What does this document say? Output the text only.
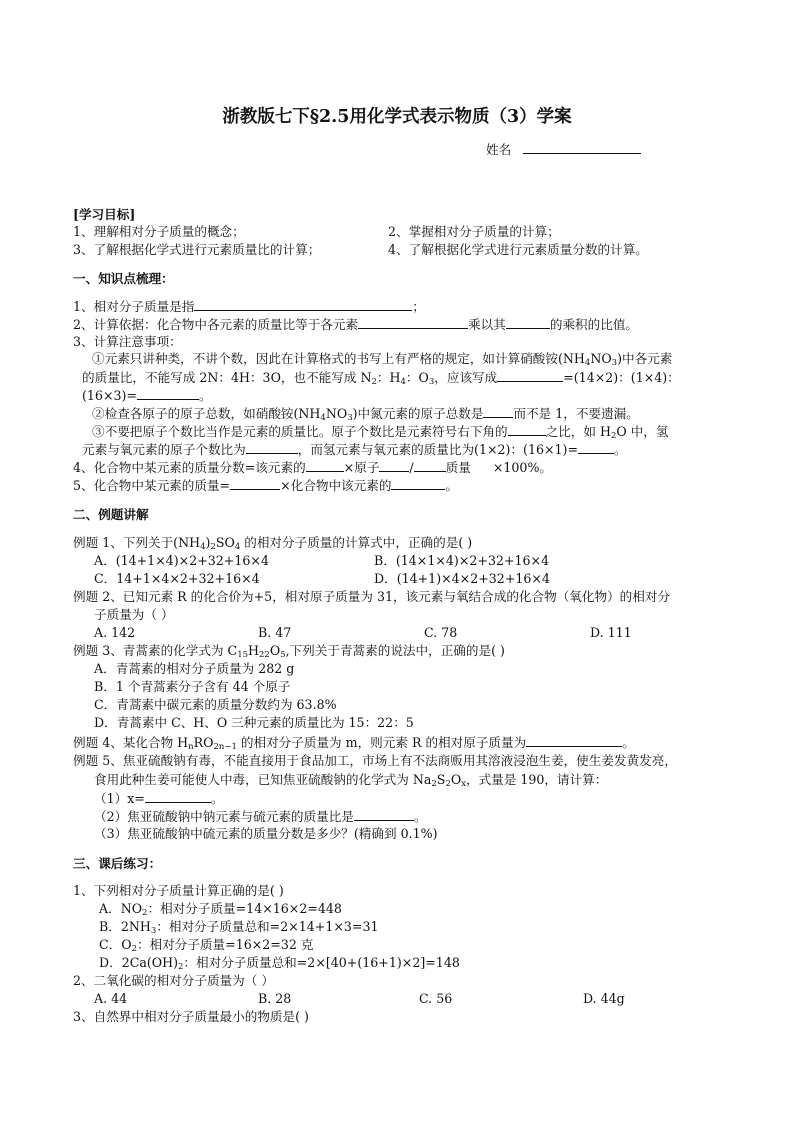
浙教版七下§2.5用化学式表示物质（3）学案
姓名
[学习目标]
1、理解相对分子质量的概念；	2、掌握相对分子质量的计算；
3、了解根据化学式进行元素质量比的计算；	4、了解根据化学式进行元素质量分数的计算。
一、知识点梳理：
1、相对分子质量是指	；
2、计算依据：化合物中各元素的质量比等于各元素	乘以其	的乘积的比值。
3、计算注意事项：
①元素只讲种类，不讲个数，因此在计算格式的书写上有严格的规定，如计算硝酸铵$(NH_4NO_3)$中各元素
的质量比，不能写成 2N：4H：3O，也不能写成 $N_2$：$H_4$：$O_3$，应该写成	=(14×2)：(1×4)：
(16×3)=	。
②检查各原子的原子总数，如硝酸铵$(NH_4NO_3)$中氮元素的原子总数是 而不是 1，不要遗漏。
③不要把原子个数比当作是元素的质量比。原子个数比是元素符号右下角的	之比，如 $H_2O$ 中，氢
元素与氧元素的原子个数比为	，而氢元素与氧元素的质量比为(1×2)：(16×1)=	。
4、化合物中某元素的质量分数=该元素的	×原子 /	质量 ×100%。
5、化合物中某元素的质量=	×化合物中该元素的	。
二、例题讲解
例题 1、下列关于$(NH_4)_2SO_4$ 的相对分子质量的计算式中，正确的是( )
A．(14+1×4)×2+32+16×4	B．(14×1×4)×2+32+16×4
C．14+1×4×2+32+16×4	D．(14+1)×4×2+32+16×4
例题 2、已知元素 R 的化合价为+5，相对原子质量为 31，该元素与氧结合成的化合物（氧化物）的相对分
子质量为（ ）
A. 142	B. 47	C. 78	D. 111
例题 3、青蒿素的化学式为 $C_{15}H_{22}O_5$,下列关于青蒿素的说法中，正确的是( )
A．青蒿素的相对分子质量为 282 g
B．1 个青蒿素分子含有 44 个原子
C．青蒿素中碳元素的质量分数约为 63.8%
D．青蒿素中 C、H、O 三种元素的质量比为 15：22：5
例题 4、某化合物 $H_nRO_{2n-1}$ 的相对分子质量为 m，则元素 R 的相对原子质量为	。
例题 5、焦亚硫酸钠有毒，不能直接用于食品加工，市场上有不法商贩用其溶液浸泡生姜，使生姜发黄发亮，
食用此种生姜可能使人中毒，已知焦亚硫酸钠的化学式为 $Na_2S_2O_x$，式量是 190，请计算：
（1）x=	。
（2）焦亚硫酸钠中钠元素与硫元素的质量比是	。
（3）焦亚硫酸钠中硫元素的质量分数是多少？(精确到 0.1%)
三、课后练习：
1、下列相对分子质量计算正确的是( )
A．$NO_2$：相对分子质量=14×16×2=448
B．$2NH_3$：相对分子质量总和=2×14+1×3=31
C．$O_2$：相对分子质量=16×2=32 克
D．$2Ca(OH)_2$：相对分子质量总和=2×[40+(16+1)×2]=148
2、二氧化碳的相对分子质量为（ ）
A. 44	B. 28	C. 56	D. 44g
3、自然界中相对分子质量最小的物质是( )
